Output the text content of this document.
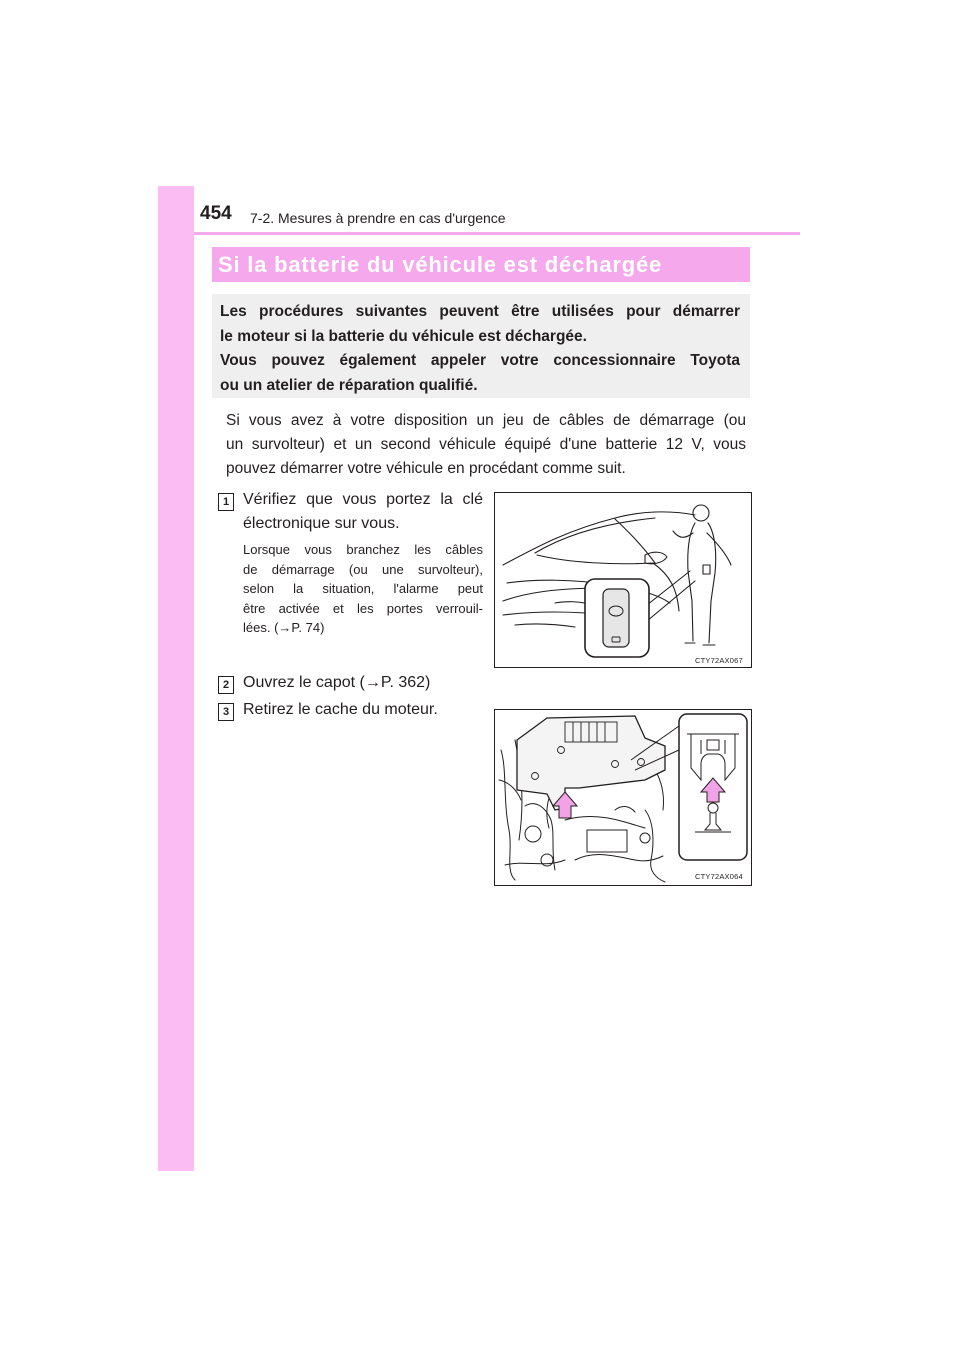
454 7-2. Mesures à prendre en cas d'urgence
Si la batterie du véhicule est déchargée

Les procédures suivantes peuvent être utilisées pour démarrer

le moteur si la batterie du véhicule est déchargée.

Vous pouvez également appeler votre concessionnaire Toyota

ou un atelier de réparation qualifié.

Si vous avez à votre disposition un jeu de câbles de démarrage (ou
un survolteur) et un second véhicule équipé d'une batterie 12 V, vous
pouvez démarrer votre véhicule en procédant comme suit.

1 Vérifiez que vous portez la clé
électronique sur vous.

Lorsque vous branchez les câbles
de démarrage (ou une survolteur),
selon la situation, l'alarme peut
être activée et les portes verrouil-
lées. (→P. 74)

CTY72AX067
2 Ouvrez le capot (→P. 362)

3 Retirez le cache du moteur.

CTY72AX064
